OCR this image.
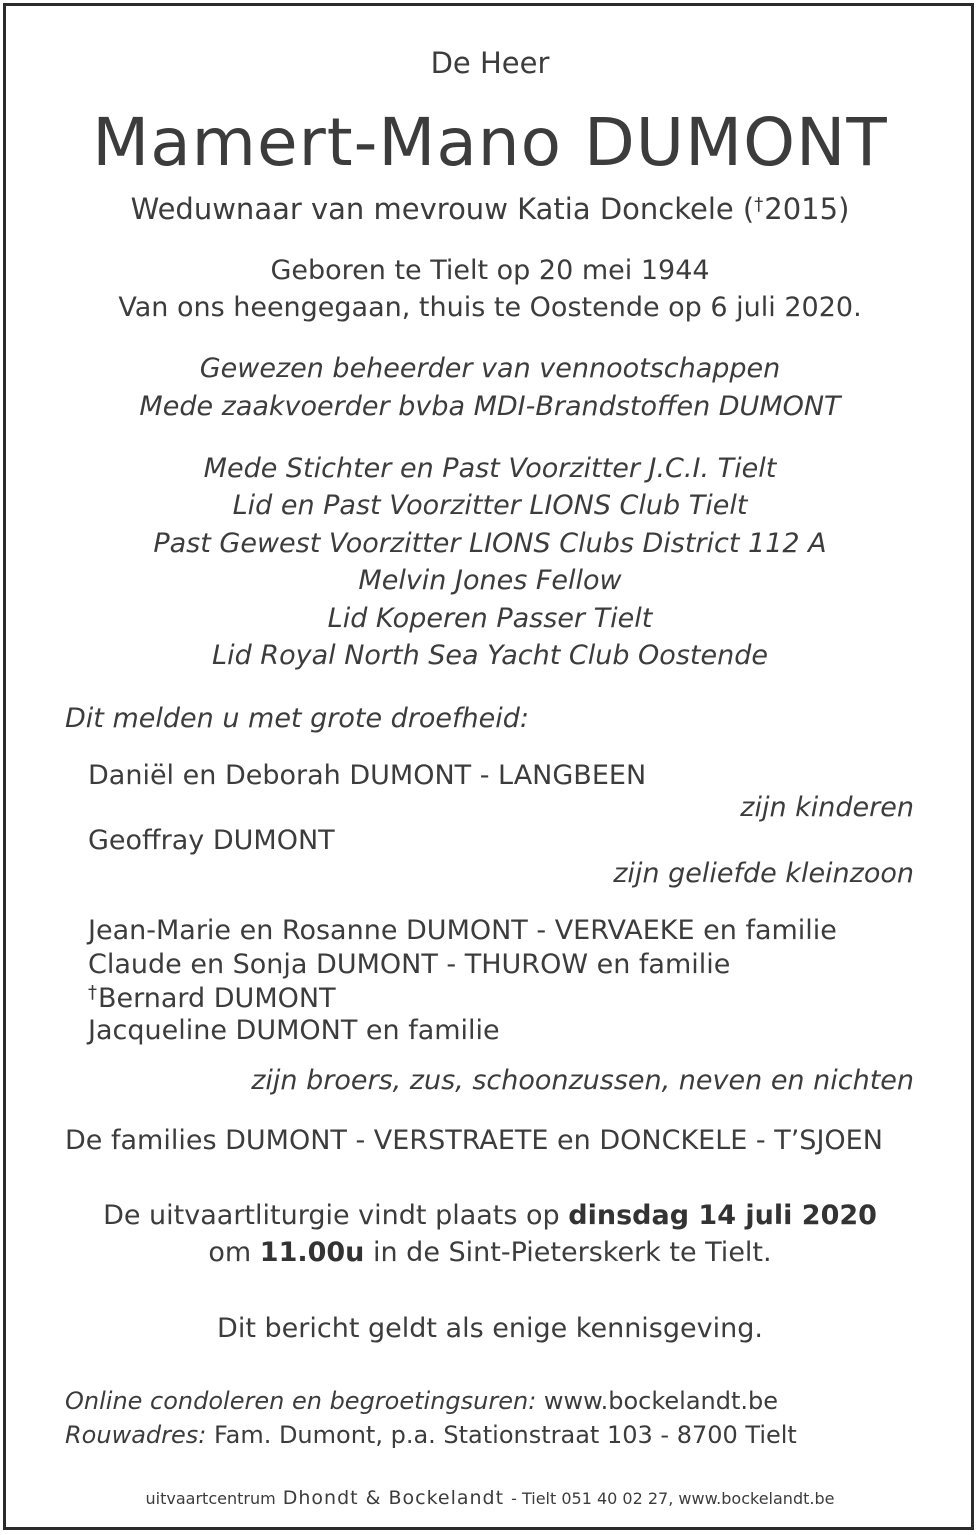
De Heer

Mamert-Mano DUMONT

Weduwnaar van mevrouw Katia Donckele (†2015)

Geboren te Tielt op 20 mei 1944

Van ons heengegaan, thuis te Oostende op 6 juli 2020.

Gewezen beheerder van vennootschappen

Mede zaakvoerder bvba MDI-Brandstoffen DUMONT

Mede Stichter en Past Voorzitter J.C.I. Tielt

Lid en Past Voorzitter LIONS Club Tielt

Past Gewest Voorzitter LIONS Clubs District 112 A

Melvin Jones Fellow

Lid Koperen Passer Tielt

Lid Royal North Sea Yacht Club Oostende

Dit melden u met grote droefheid:

Daniël en Deborah DUMONT - LANGBEEN

zijn kinderen

Geoffray DUMONT

zijn geliefde kleinzoon

Jean-Marie en Rosanne DUMONT - VERVAEKE en familie

Claude en Sonja DUMONT - THUROW en familie

†Bernard DUMONT

Jacqueline DUMONT en familie

zijn broers, zus, schoonzussen, neven en nichten

De families DUMONT - VERSTRAETE en DONCKELE - T’SJOEN

De uitvaartliturgie vindt plaats op dinsdag 14 juli 2020

om 11.00u in de Sint-Pieterskerk te Tielt.

Dit bericht geldt als enige kennisgeving.

Online condoleren en begroetingsuren: www.bockelandt.be

Rouwadres: Fam. Dumont, p.a. Stationstraat 103 - 8700 Tielt

uitvaartcentrum Dhondt & Bockelandt - Tielt 051 40 02 27, www.bockelandt.be
